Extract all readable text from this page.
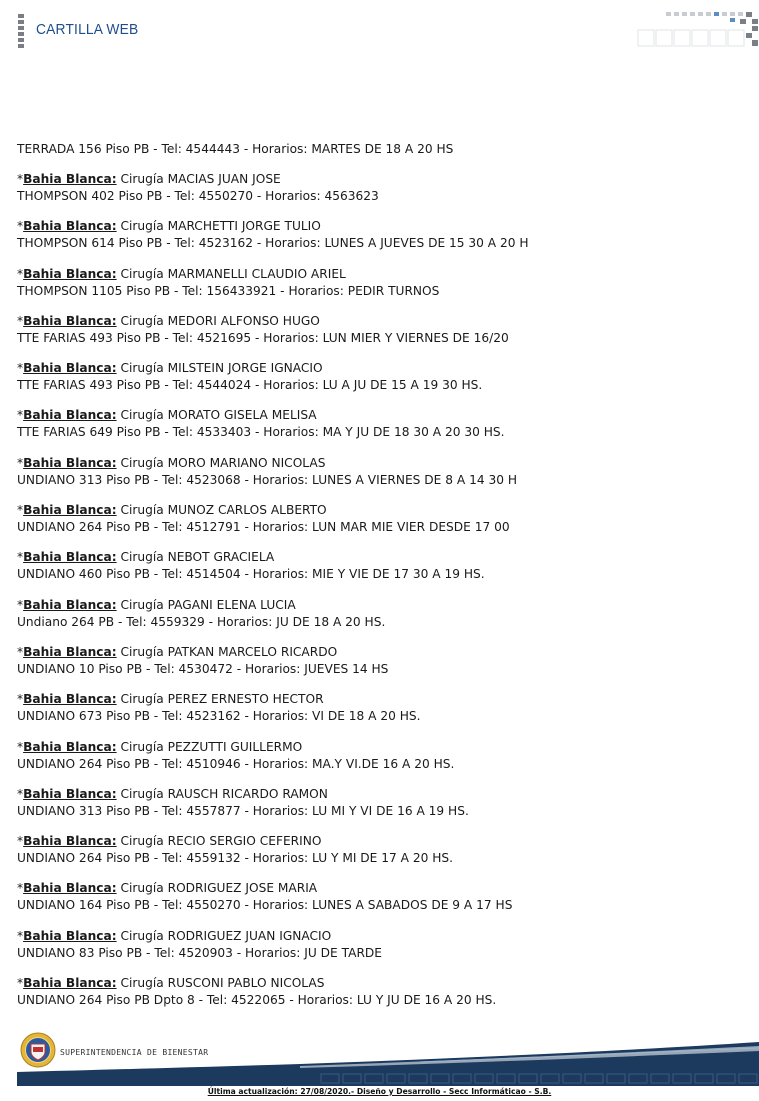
CARTILLA WEB
TERRADA 156 Piso PB - Tel: 4544443 - Horarios: MARTES DE 18 A 20 HS
*Bahia Blanca: Cirugía MACIAS JUAN JOSE
THOMPSON 402 Piso PB - Tel: 4550270 - Horarios: 4563623
*Bahia Blanca: Cirugía MARCHETTI JORGE TULIO
THOMPSON 614 Piso PB - Tel: 4523162 - Horarios: LUNES A JUEVES DE 15 30 A 20 H
*Bahia Blanca: Cirugía MARMANELLI CLAUDIO ARIEL
THOMPSON 1105 Piso PB - Tel: 156433921 - Horarios: PEDIR TURNOS
*Bahia Blanca: Cirugía MEDORI ALFONSO HUGO
TTE FARIAS 493 Piso PB - Tel: 4521695 - Horarios: LUN MIER Y VIERNES DE 16/20
*Bahia Blanca: Cirugía MILSTEIN JORGE IGNACIO
TTE FARIAS 493 Piso PB - Tel: 4544024 - Horarios: LU A JU DE 15 A 19 30 HS.
*Bahia Blanca: Cirugía MORATO GISELA MELISA
TTE FARIAS 649 Piso PB - Tel: 4533403 - Horarios: MA Y JU DE 18 30 A 20 30 HS.
*Bahia Blanca: Cirugía MORO MARIANO NICOLAS
UNDIANO 313 Piso PB - Tel: 4523068 - Horarios: LUNES A VIERNES DE 8 A 14 30 H
*Bahia Blanca: Cirugía MUNOZ CARLOS ALBERTO
UNDIANO 264 Piso PB - Tel: 4512791 - Horarios: LUN MAR MIE VIER DESDE 17 00
*Bahia Blanca: Cirugía NEBOT GRACIELA
UNDIANO 460 Piso PB - Tel: 4514504 - Horarios: MIE Y VIE DE 17 30 A 19 HS.
*Bahia Blanca: Cirugía PAGANI ELENA LUCIA
Undiano 264 PB - Tel: 4559329 - Horarios: JU DE 18 A 20 HS.
*Bahia Blanca: Cirugía PATKAN MARCELO RICARDO
UNDIANO 10 Piso PB - Tel: 4530472 - Horarios: JUEVES 14 HS
*Bahia Blanca: Cirugía PEREZ ERNESTO HECTOR
UNDIANO 673 Piso PB - Tel: 4523162 - Horarios: VI DE 18 A 20 HS.
*Bahia Blanca: Cirugía PEZZUTTI GUILLERMO
UNDIANO 264 Piso PB - Tel: 4510946 - Horarios: MA.Y VI.DE 16 A 20 HS.
*Bahia Blanca: Cirugía RAUSCH RICARDO RAMON
UNDIANO 313 Piso PB - Tel: 4557877 - Horarios: LU MI Y VI DE 16 A 19 HS.
*Bahia Blanca: Cirugía RECIO SERGIO CEFERINO
UNDIANO 264 Piso PB - Tel: 4559132 - Horarios: LU Y MI DE 17 A 20 HS.
*Bahia Blanca: Cirugía RODRIGUEZ JOSE MARIA
UNDIANO 164 Piso PB - Tel: 4550270 - Horarios: LUNES A SABADOS DE 9 A 17 HS
*Bahia Blanca: Cirugía RODRIGUEZ JUAN IGNACIO
UNDIANO 83 Piso PB - Tel: 4520903 - Horarios: JU DE TARDE
*Bahia Blanca: Cirugía RUSCONI PABLO NICOLAS
UNDIANO 264 Piso PB Dpto 8 - Tel: 4522065 - Horarios: LU Y JU DE 16 A 20 HS.
SUPERINTENDENCIA DE BIENESTAR
Última actualización: 27/08/2020.- Diseño y Desarrollo - Secc Informáticao - S.B.
